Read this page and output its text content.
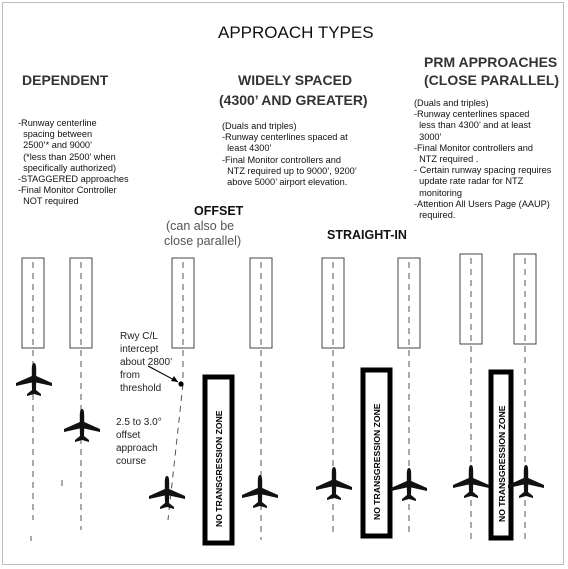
APPROACH TYPES
DEPENDENT
-Runway centerline
spacing between
2500’* and 9000’
(*less than 2500’ when
specifically authorized)
-STAGGERED approaches
-Final Monitor Controller
NOT required
WIDELY SPACED
(4300’ AND GREATER)
(Duals and triples)
-Runway centerlines spaced at
least 4300’
-Final Monitor controllers and
NTZ required up to 9000’, 9200’
above 5000’ airport elevation.
PRM APPROACHES
(CLOSE PARALLEL)
(Duals and triples)
-Runway centerlines spaced
less than 4300’ and at least
3000’
-Final Monitor controllers and
NTZ required .
- Certain runway spacing requires
update rate radar for NTZ
monitoring
-Attention All Users Page (AAUP)
required.
OFFSET
(can also be
close parallel)	STRAIGHT-IN
Rwy C/L
intercept
about 2800’
from
threshold
2.5 to 3.0°
offset
approach
course	NO TRANSGRESSION ZONE	NO TRANSGRESSION ZONE	NO TRANSGRESSION ZONE
